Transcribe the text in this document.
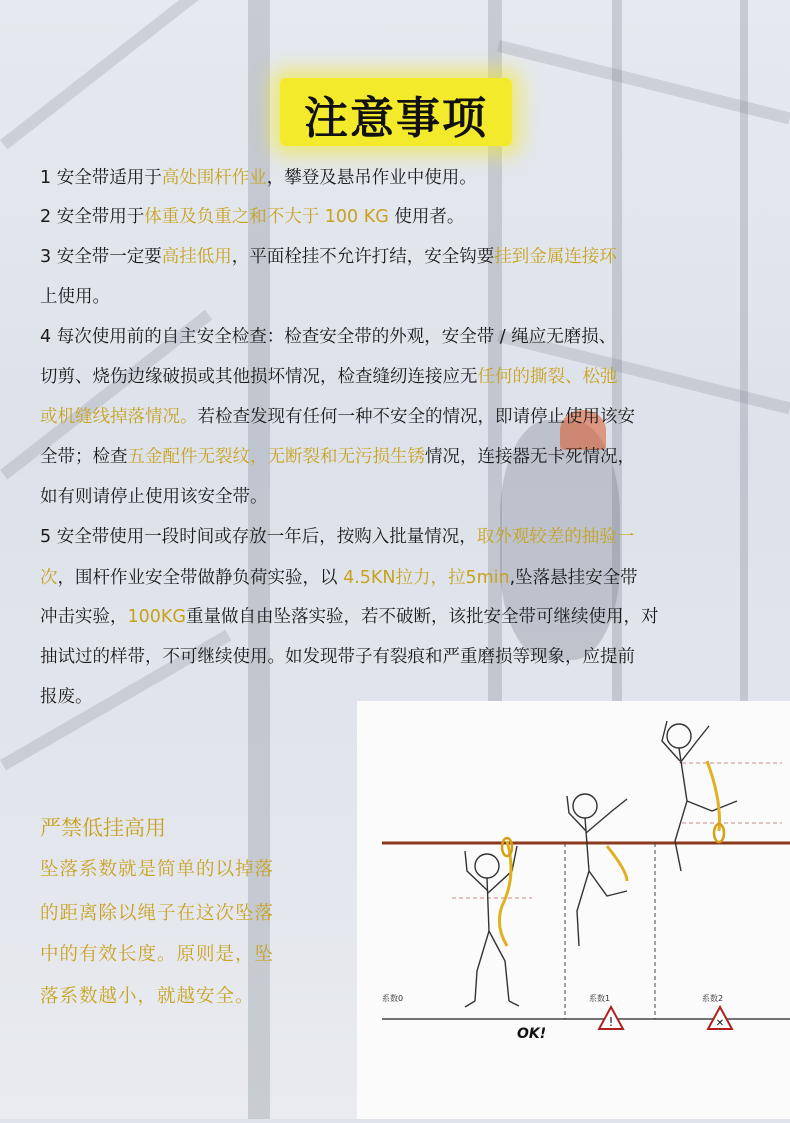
注意事项
1 安全带适用于高处围杆作业，攀登及悬吊作业中使用。
2 安全带用于体重及负重之和不大于 100 KG 使用者。
3 安全带一定要高挂低用，平面栓挂不允许打结，安全钩要挂到金属连接环
上使用。
4 每次使用前的自主安全检查：检查安全带的外观，安全带 / 绳应无磨损、
切剪、烧伤边缘破损或其他损坏情况，检查缝纫连接应无任何的撕裂、松弛
或机缝线掉落情况。若检查发现有任何一种不安全的情况，即请停止使用该安
全带；检查五金配件无裂纹，无断裂和无污损生锈情况，连接器无卡死情况，
如有则请停止使用该安全带。
5 安全带使用一段时间或存放一年后，按购入批量情况，取外观较差的抽验一
次，围杆作业安全带做静负荷实验，以 4.5KN拉力，拉5min,坠落悬挂安全带
冲击实验，100KG重量做自由坠落实验，若不破断，该批安全带可继续使用，对
抽试过的样带，不可继续使用。如发现带子有裂痕和严重磨损等现象，应提前
报废。
严禁低挂高用
坠落系数就是简单的以掉落
的距离除以绳子在这次坠落
中的有效长度。原则是，坠
落系数越小，就越安全。
!	✕
系数0	系数1	系数2
OK!
